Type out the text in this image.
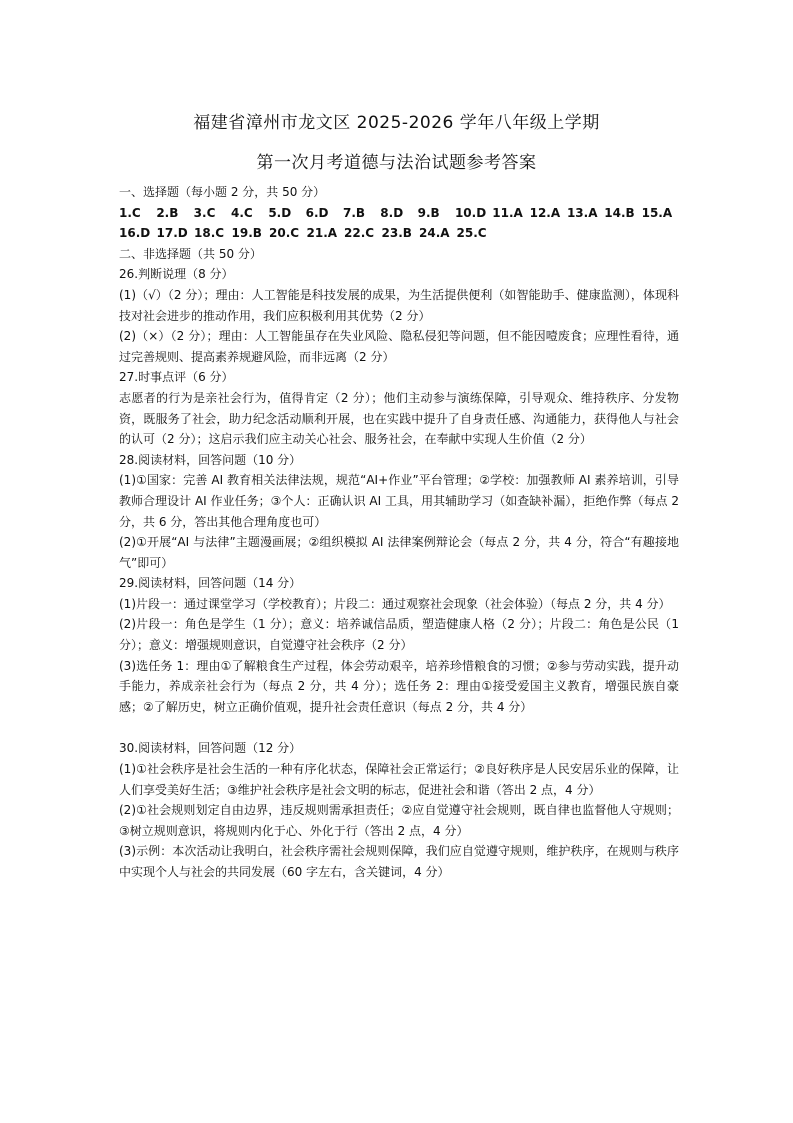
福建省漳州市龙文区 2025-2026 学年八年级上学期
第一次月考道德与法治试题参考答案

一、选择题（每小题 2 分，共 50 分）

1.C	2.B	3.C	4.C	5.D	6.D	7.B	8.D	9.B	10.D 11.A 12.A 13.A 14.B 15.A
16.D 17.D 18.C 19.B 20.C 21.A 22.C 23.B 24.A 25.C

二、非选择题（共 50 分）

26.判断说理（8 分）

(1)（√）（2 分）；理由：人工智能是科技发展的成果，为生活提供便利（如智能助手、健康监测），体现科技对社会进步的推动作用，我们应积极利用其优势（2 分）

(2)（×）（2 分）；理由：人工智能虽存在失业风险、隐私侵犯等问题，但不能因噎废食；应理性看待，通过完善规则、提高素养规避风险，而非远离（2 分）

27.时事点评（6 分）

志愿者的行为是亲社会行为，值得肯定（2 分）；他们主动参与演练保障，引导观众、维持秩序、分发物资，既服务了社会，助力纪念活动顺利开展，也在实践中提升了自身责任感、沟通能力，获得他人与社会的认可（2 分）；这启示我们应主动关心社会、服务社会，在奉献中实现人生价值（2 分）

28.阅读材料，回答问题（10 分）

(1)①国家：完善 AI 教育相关法律法规，规范“AI+作业”平台管理；②学校：加强教师 AI 素养培训，引导教师合理设计 AI 作业任务；③个人：正确认识 AI 工具，用其辅助学习（如查缺补漏），拒绝作弊（每点 2 分，共 6 分，答出其他合理角度也可）

(2)①开展“AI 与法律”主题漫画展；②组织模拟 AI 法律案例辩论会（每点 2 分，共 4 分，符合“有趣接地气”即可）

29.阅读材料，回答问题（14 分）

(1)片段一：通过课堂学习（学校教育）；片段二：通过观察社会现象（社会体验）（每点 2 分，共 4 分）

(2)片段一：角色是学生（1 分）；意义：培养诚信品质，塑造健康人格（2 分）；片段二：角色是公民（1 分）；意义：增强规则意识，自觉遵守社会秩序（2 分）

(3)选任务 1：理由①了解粮食生产过程，体会劳动艰辛，培养珍惜粮食的习惯；②参与劳动实践，提升动手能力，养成亲社会行为（每点 2 分，共 4 分）；选任务 2：理由①接受爱国主义教育，增强民族自豪感；②了解历史，树立正确价值观，提升社会责任意识（每点 2 分，共 4 分）

30.阅读材料，回答问题（12 分）

(1)①社会秩序是社会生活的一种有序化状态，保障社会正常运行；②良好秩序是人民安居乐业的保障，让人们享受美好生活；③维护社会秩序是社会文明的标志，促进社会和谐（答出 2 点，4 分）

(2)①社会规则划定自由边界，违反规则需承担责任；②应自觉遵守社会规则，既自律也监督他人守规则；③树立规则意识，将规则内化于心、外化于行（答出 2 点，4 分）

(3)示例：本次活动让我明白，社会秩序需社会规则保障，我们应自觉遵守规则，维护秩序，在规则与秩序中实现个人与社会的共同发展（60 字左右，含关键词，4 分）
